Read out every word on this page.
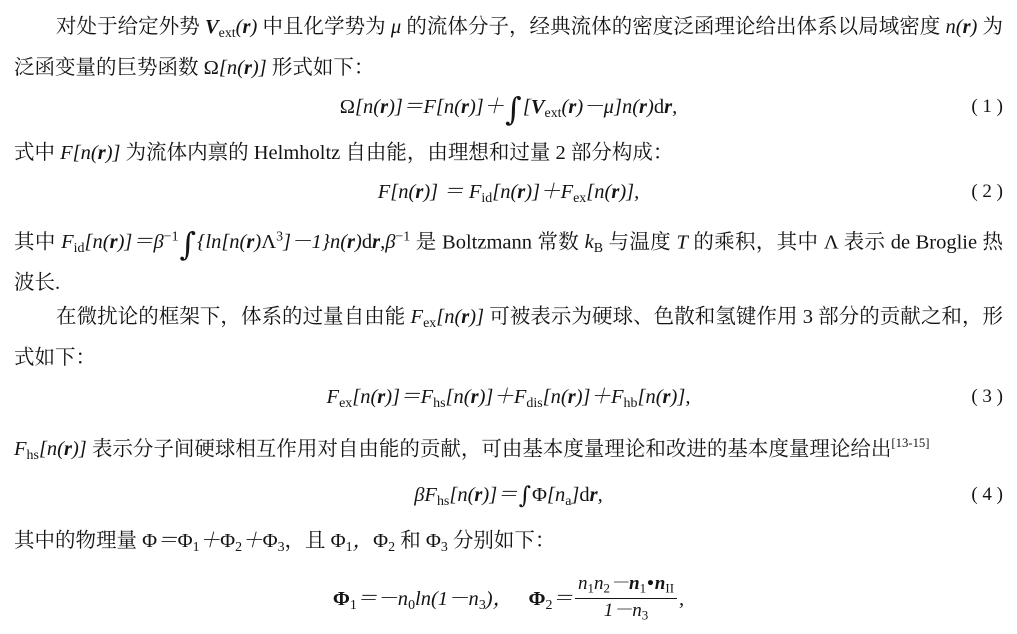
对处于给定外势 $V_{ext}(r)$ 中且化学势为 μ 的流体分子，经典流体的密度泛函理论给出体系以局域密度 n(r) 为泛函变量的巨势函数 Ω[n(r)] 形式如下：

$\Omega[n(r)]=F[n(r)]+\int[V_{ext}(r)-\mu]n(r)dr$,	( 1 )

式中 F[n(r)] 为流体内禀的 Helmholtz 自由能，由理想和过量 2 部分构成：

$F[n(r)] = F_{id}[n(r)]+F_{ex}[n(r)]$,	( 2 )

其中 $F_{id}[n(r)]=\beta^{-1}\int\{\ln[n(r)\Lambda^3]-1\}n(r)dr,\beta^{-1}$ 是 Boltzmann 常数 $k_B$ 与温度 T 的乘积，其中 Λ 表示 de Broglie 热波长.

在微扰论的框架下，体系的过量自由能 $F_{ex}[n(r)]$ 可被表示为硬球、色散和氢键作用 3 部分的贡献之和，形式如下：

$F_{ex}[n(r)]=F_{hs}[n(r)]+F_{dis}[n(r)]+F_{hb}[n(r)]$,	( 3 )

$F_{hs}[n(r)]$ 表示分子间硬球相互作用对自由能的贡献，可由基本度量理论和改进的基本度量理论给出[13-15]

$\beta F_{hs}[n(r)]=\int\Phi[n_a]dr$,	( 4 )

其中的物理量 $\Phi=\Phi_1+\Phi_2+\Phi_3$，且 $\Phi_1$，$\Phi_2$ 和 $\Phi_3$ 分别如下：

$\Phi_1=-n_0\ln(1-n_3)$，   $\Phi_2= \frac{n_1n_2-n_1•n_{II}}{1-n_3}$ ,
